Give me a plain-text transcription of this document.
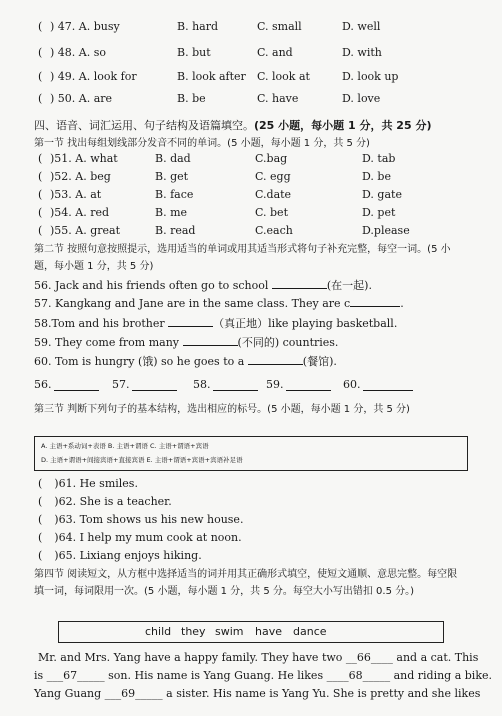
( ) 47. A. busy	B. hard	C. small	D. well
( ) 48. A. so	B. but	C. and	D. with
( ) 49. A. look for	B. look after C. look at	D. look up
( ) 50. A. are	B. be	C. have	D. love
四、语音、词汇运用、句子结构及语篇填空。(25 小题，每小题 1 分，共 25 分)
第一节 找出每组划线部分发音不同的单词。(5 小题，每小题 1 分，共 5 分)
( )51. A. what	B. dad	C.bag	D. tab
( )52. A. beg	B. get	C. egg	D. be
( )53. A. at	B. face	C.date	D. gate
( )54. A. red	B. me	C. bet	D. pet
( )55. A. great	B. read	C.each	D.please
第二节 按照句意按照提示，选用适当的单词或用其适当形式将句子补充完整，每空一词。(5 小题，每小题 1 分，共 5 分)
56. Jack and his friends often go to school	(在一起).
57. Kangkang and Jane are in the same class. They are c	.
58.Tom and his brother	（真正地）like playing basketball.
59. They come from many	(不同的) countries.
60. Tom is hungry (饿) so he goes to a	(餐馆).
56.	57.	58.	59.	60.
第三节 判断下列句子的基本结构，选出相应的标号。(5 小题，每小题 1 分，共 5 分)
A. 主语+系动词+表语 B. 主语+谓语 C. 主语+谓语+宾语
D. 主语+谓语+间接宾语+直接宾语 E. 主语+谓语+宾语+宾语补足语
( )61. He smiles.
( )62. She is a teacher.
( )63. Tom shows us his new house.
( )64. I help my mum cook at noon.
( )65. Lixiang enjoys hiking.
第四节 阅读短文，从方框中选择适当的词并用其正确形式填空，使短文通顺、意思完整。每空限填一词，每词限用一次。(5 小题，每小题 1 分，共 5 分。每空大小写出错扣 0.5 分。)
child they swim have dance
Mr. and Mrs. Yang have a happy family. They have two __66____ and a cat. This
is ___67_____ son. His name is Yang Guang. He likes ____68_____ and riding a bike.
Yang Guang ___69_____ a sister. His name is Yang Yu. She is pretty and she likes
